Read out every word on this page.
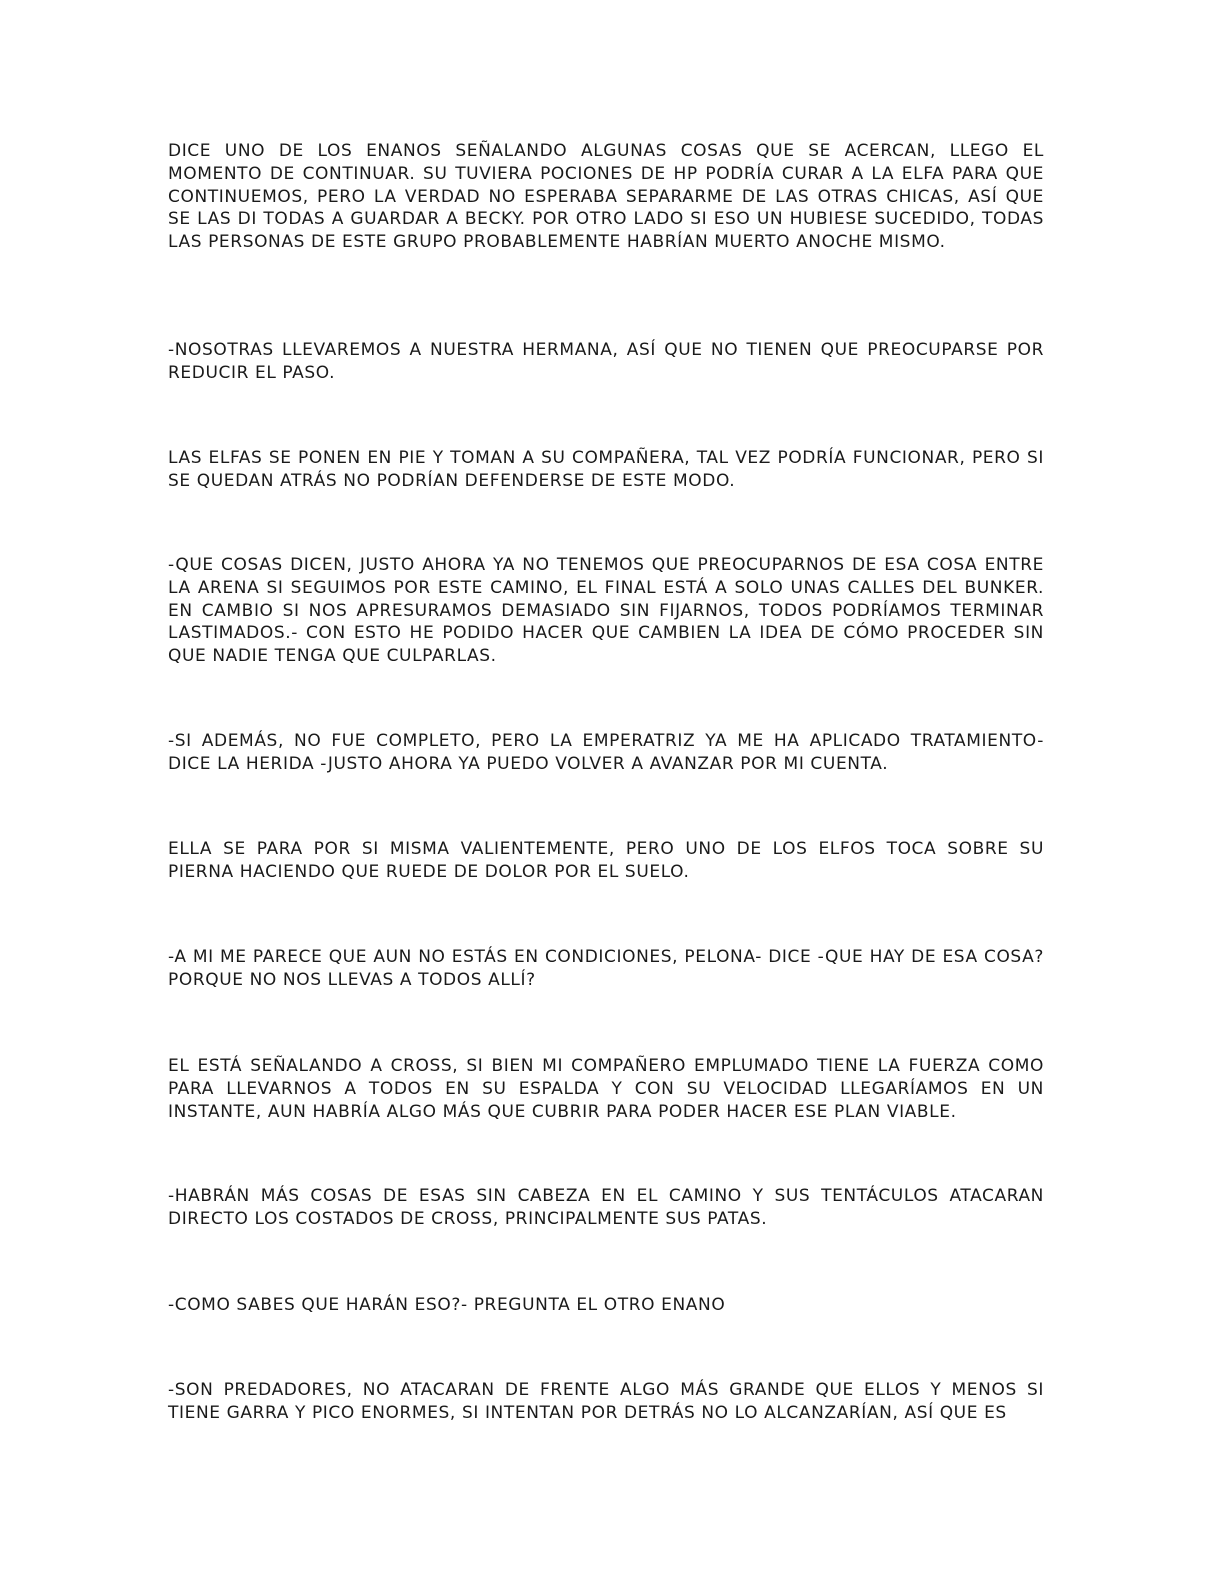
DICE UNO DE LOS ENANOS SEÑALANDO ALGUNAS COSAS QUE SE ACERCAN, LLEGO EL MOMENTO DE CONTINUAR. SU TUVIERA POCIONES DE HP PODRÍA CURAR A LA ELFA PARA QUE CONTINUEMOS, PERO LA VERDAD NO ESPERABA SEPARARME DE LAS OTRAS CHICAS, ASÍ QUE SE LAS DI TODAS A GUARDAR A BECKY. POR OTRO LADO SI ESO UN HUBIESE SUCEDIDO, TODAS LAS PERSONAS DE ESTE GRUPO PROBABLEMENTE HABRÍAN MUERTO ANOCHE MISMO.

-NOSOTRAS LLEVAREMOS A NUESTRA HERMANA, ASÍ QUE NO TIENEN QUE PREOCUPARSE POR REDUCIR EL PASO.

LAS ELFAS SE PONEN EN PIE Y TOMAN A SU COMPAÑERA, TAL VEZ PODRÍA FUNCIONAR, PERO SI SE QUEDAN ATRÁS NO PODRÍAN DEFENDERSE DE ESTE MODO.

-QUE COSAS DICEN, JUSTO AHORA YA NO TENEMOS QUE PREOCUPARNOS DE ESA COSA ENTRE LA ARENA SI SEGUIMOS POR ESTE CAMINO, EL FINAL ESTÁ A SOLO UNAS CALLES DEL BUNKER. EN CAMBIO SI NOS APRESURAMOS DEMASIADO SIN FIJARNOS, TODOS PODRÍAMOS TERMINAR LASTIMADOS.- CON ESTO HE PODIDO HACER QUE CAMBIEN LA IDEA DE CÓMO PROCEDER SIN QUE NADIE TENGA QUE CULPARLAS.

-SI ADEMÁS, NO FUE COMPLETO, PERO LA EMPERATRIZ YA ME HA APLICADO TRATAMIENTO- DICE LA HERIDA -JUSTO AHORA YA PUEDO VOLVER A AVANZAR POR MI CUENTA.

ELLA SE PARA POR SI MISMA VALIENTEMENTE, PERO UNO DE LOS ELFOS TOCA SOBRE SU PIERNA HACIENDO QUE RUEDE DE DOLOR POR EL SUELO.

-A MI ME PARECE QUE AUN NO ESTÁS EN CONDICIONES, PELONA- DICE -QUE HAY DE ESA COSA? PORQUE NO NOS LLEVAS A TODOS ALLÍ?

EL ESTÁ SEÑALANDO A CROSS, SI BIEN MI COMPAÑERO EMPLUMADO TIENE LA FUERZA COMO PARA LLEVARNOS A TODOS EN SU ESPALDA Y CON SU VELOCIDAD LLEGARÍAMOS EN UN INSTANTE, AUN HABRÍA ALGO MÁS QUE CUBRIR PARA PODER HACER ESE PLAN VIABLE.

-HABRÁN MÁS COSAS DE ESAS SIN CABEZA EN EL CAMINO Y SUS TENTÁCULOS ATACARAN DIRECTO LOS COSTADOS DE CROSS, PRINCIPALMENTE SUS PATAS.

-COMO SABES QUE HARÁN ESO?- PREGUNTA EL OTRO ENANO

-SON PREDADORES, NO ATACARAN DE FRENTE ALGO MÁS GRANDE QUE ELLOS Y MENOS SI TIENE GARRA Y PICO ENORMES, SI INTENTAN POR DETRÁS NO LO ALCANZARÍAN, ASÍ QUE ES
